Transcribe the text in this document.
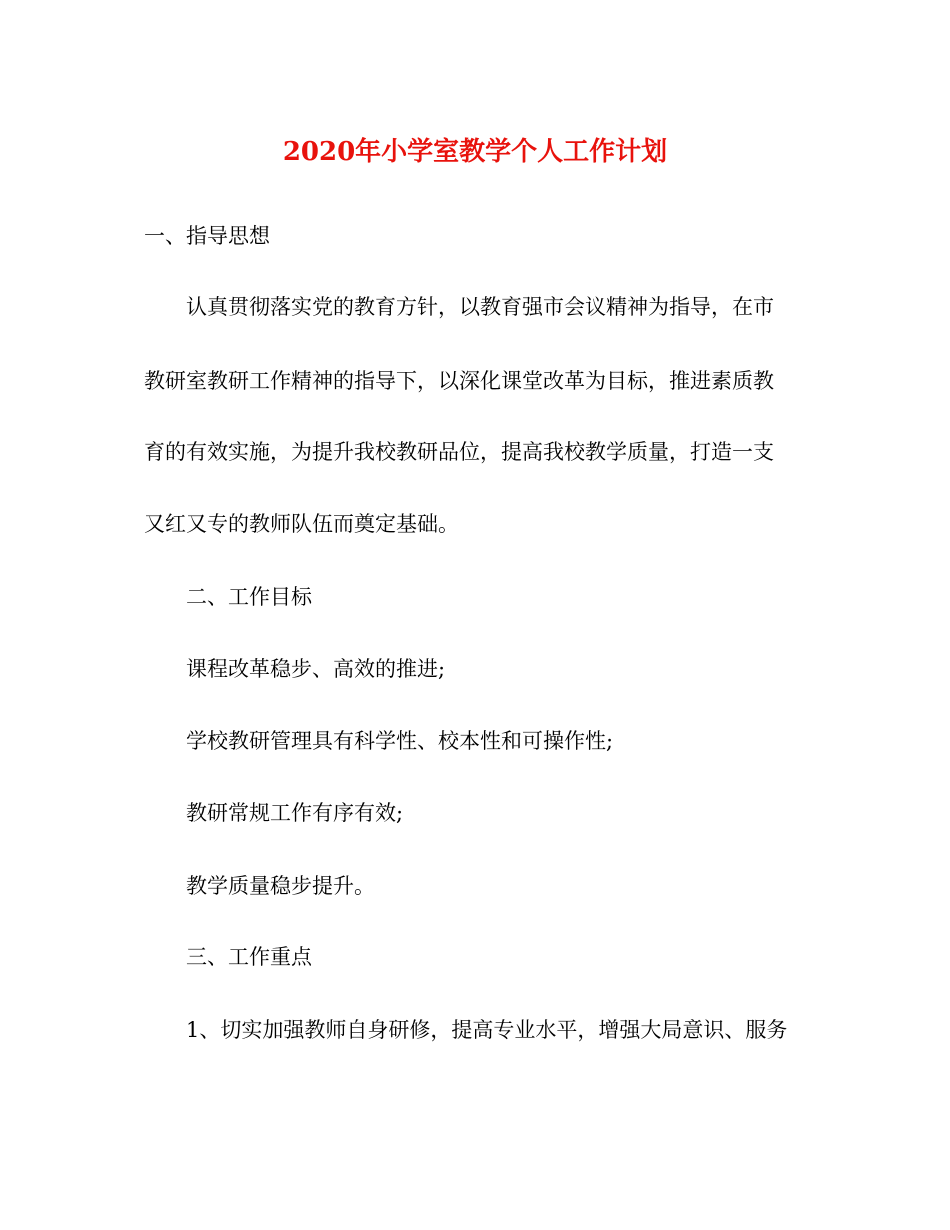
2020年小学室教学个人工作计划

一、指导思想

认真贯彻落实党的教育方针，以教育强市会议精神为指导，在市

教研室教研工作精神的指导下，以深化课堂改革为目标，推进素质教

育的有效实施，为提升我校教研品位，提高我校教学质量，打造一支

又红又专的教师队伍而奠定基础。

二、工作目标

课程改革稳步、高效的推进;

学校教研管理具有科学性、校本性和可操作性;

教研常规工作有序有效;

教学质量稳步提升。

三、工作重点

1、切实加强教师自身研修，提高专业水平，增强大局意识、服务
